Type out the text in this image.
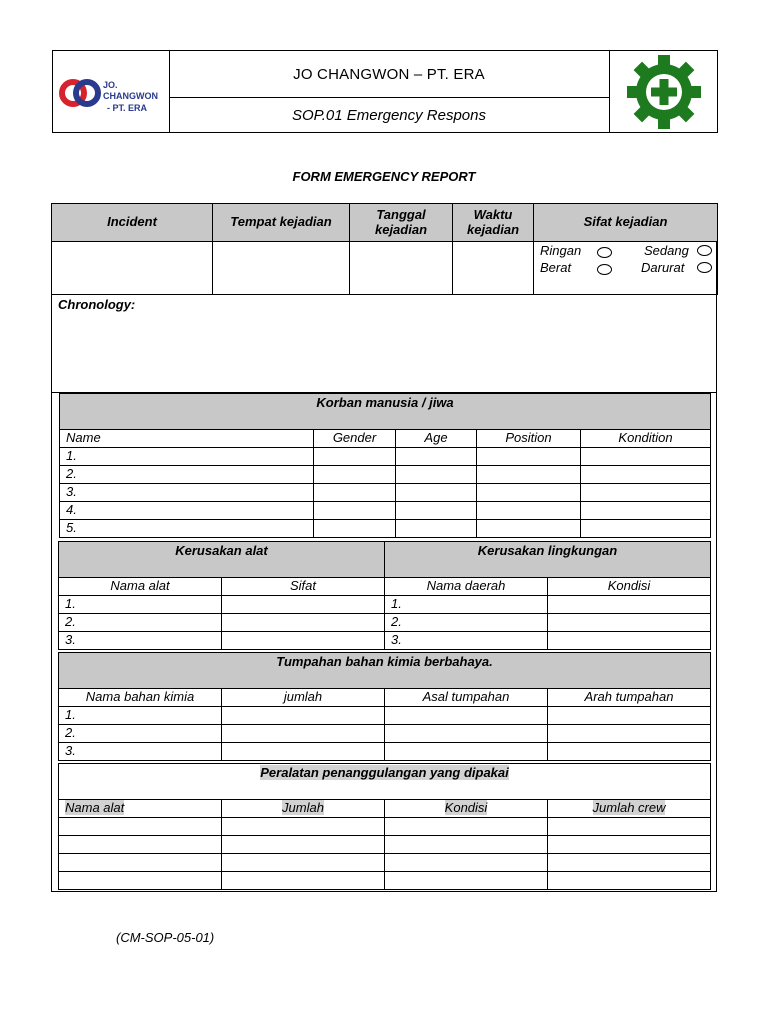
JO. CHANGWON
- PT. ERA
JO CHANGWON – PT. ERA
SOP.01 Emergency Respons
FORM EMERGENCY REPORT
Incident	Tempat kejadian	Tanggal kejadian	Waktu kejadian	Sifat kejadian

				Ringan Sedang
Berat Darurat
Chronology:
Korban manusia / jiwa				
Name	Gender	Age	Position	Kondition
1.				
2.				
3.				
4.				
5.				
Kerusakan alat		Kerusakan lingkungan	
Nama alat	Sifat	Nama daerah	Kondisi
1.		1.	
2.		2.	
3.		3.	
Tumpahan bahan kimia berbahaya.			
Nama bahan kimia	jumlah	Asal tumpahan	Arah tumpahan
1.			
2.			
3.			
Peralatan penanggulangan yang dipakai			
Nama alat	Jumlah	Kondisi	Jumlah crew

(CM-SOP-05-01)
